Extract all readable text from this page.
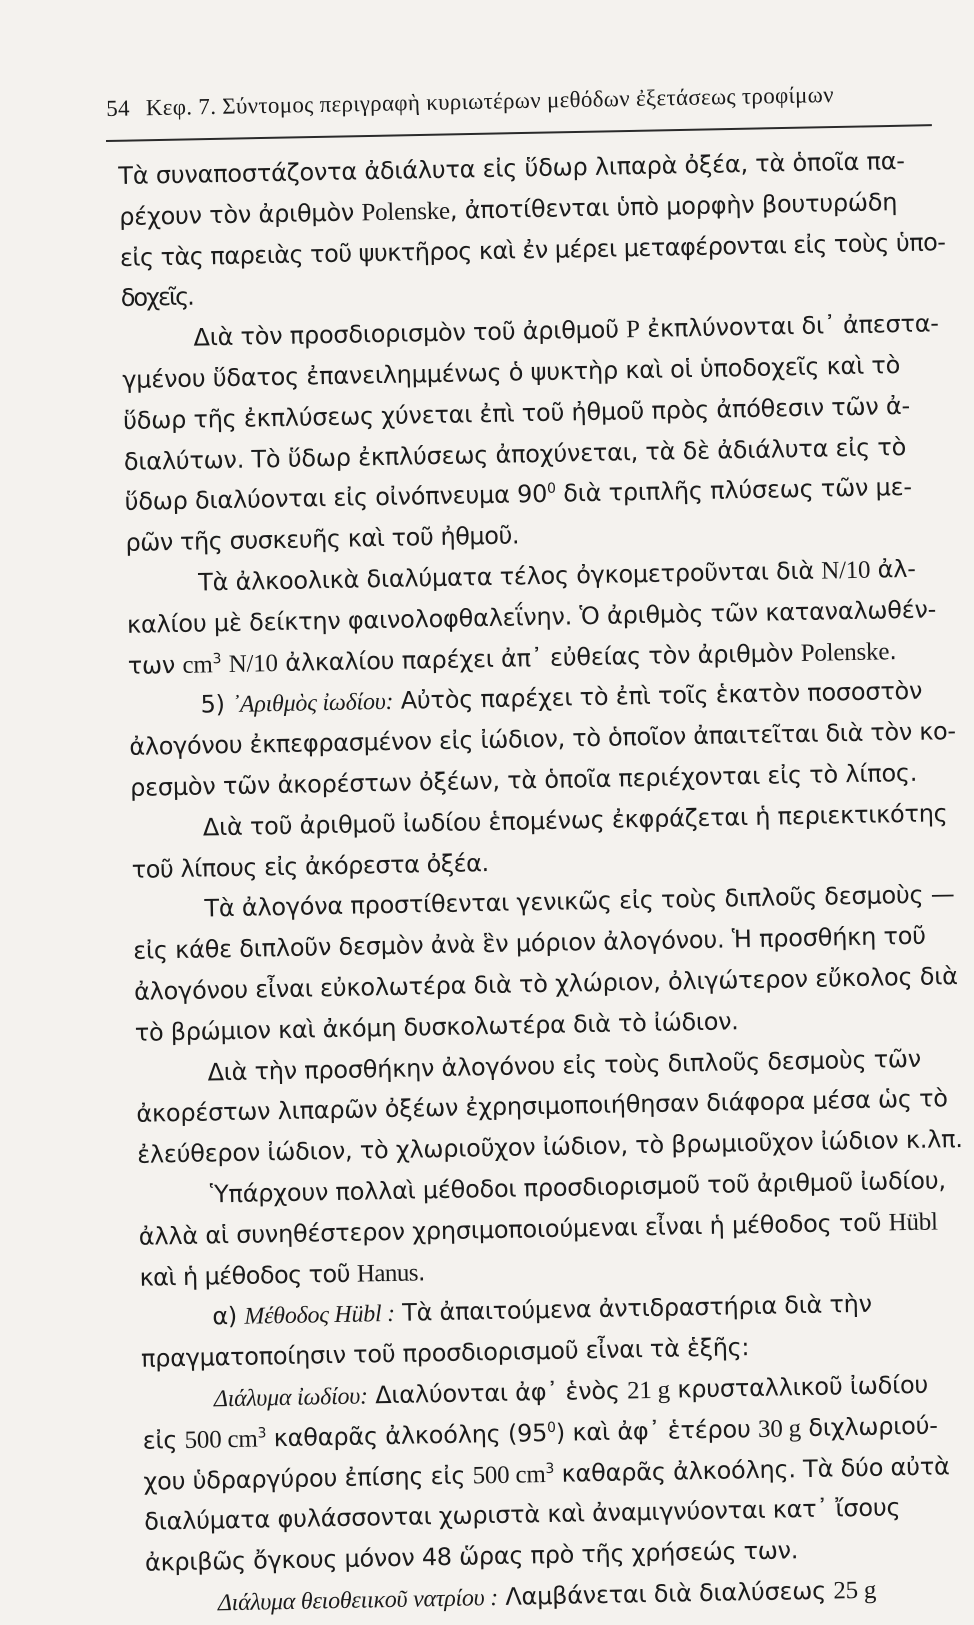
54 Κεφ. 7. Σύντομος περιγραφὴ κυριωτέρων μεθόδων ἐξετάσεως τροφίμων
Τὰ συναποστάζοντα ἀδιάλυτα εἰς ὕδωρ λιπαρὰ ὀξέα, τὰ ὁποῖα πα-
ρέχουν τὸν ἀριθμὸν Polenske, ἀποτίθενται ὑπὸ μορφὴν βουτυρώδη
εἰς τὰς παρειὰς τοῦ ψυκτῆρος καὶ ἐν μέρει μεταφέρονται εἰς τοὺς ὑπο-
δοχεῖς.
Διὰ τὸν προσδιορισμὸν τοῦ ἀριθμοῦ P ἐκπλύνονται δι᾿ ἀπεστα-
γμένου ὕδατος ἐπανειλημμένως ὁ ψυκτὴρ καὶ οἱ ὑποδοχεῖς καὶ τὸ
ὕδωρ τῆς ἐκπλύσεως χύνεται ἐπὶ τοῦ ἠθμοῦ πρὸς ἀπόθεσιν τῶν ἀ-
διαλύτων. Τὸ ὕδωρ ἐκπλύσεως ἀποχύνεται, τὰ δὲ ἀδιάλυτα εἰς τὸ
ὕδωρ διαλύονται εἰς οἰνόπνευμα $90^0$ διὰ τριπλῆς πλύσεως τῶν με-
ρῶν τῆς συσκευῆς καὶ τοῦ ἠθμοῦ.
Τὰ ἀλκοολικὰ διαλύματα τέλος ὀγκομετροῦνται διὰ N/10 ἀλ-
καλίου μὲ δείκτην φαινολοφθαλεΐνην. Ὁ ἀριθμὸς τῶν καταναλωθέν-
των $cm^3$ N/10 ἀλκαλίου παρέχει ἀπ᾿ εὐθείας τὸν ἀριθμὸν Polenske.
5) ᾿Αριθμὸς ἰωδίου: Αὐτὸς παρέχει τὸ ἐπὶ τοῖς ἑκατὸν ποσοστὸν
ἀλογόνου ἐκπεφρασμένον εἰς ἰώδιον, τὸ ὁποῖον ἀπαιτεῖται διὰ τὸν κο-
ρεσμὸν τῶν ἀκορέστων ὀξέων, τὰ ὁποῖα περιέχονται εἰς τὸ λίπος.
Διὰ τοῦ ἀριθμοῦ ἰωδίου ἑπομένως ἐκφράζεται ἡ περιεκτικότης
τοῦ λίπους εἰς ἀκόρεστα ὀξέα.
Τὰ ἀλογόνα προστίθενται γενικῶς εἰς τοὺς διπλοῦς δεσμοὺς —
εἰς κάθε διπλοῦν δεσμὸν ἀνὰ ἓν μόριον ἀλογόνου. Ἡ προσθήκη τοῦ
ἀλογόνου εἶναι εὐκολωτέρα διὰ τὸ χλώριον, ὀλιγώτερον εὔκολος διὰ
τὸ βρώμιον καὶ ἀκόμη δυσκολωτέρα διὰ τὸ ἰώδιον.
Διὰ τὴν προσθήκην ἀλογόνου εἰς τοὺς διπλοῦς δεσμοὺς τῶν
ἀκορέστων λιπαρῶν ὀξέων ἐχρησιμοποιήθησαν διάφορα μέσα ὡς τὸ
ἐλεύθερον ἰώδιον, τὸ χλωριοῦχον ἰώδιον, τὸ βρωμιοῦχον ἰώδιον κ.λπ.
Ὑπάρχουν πολλαὶ μέθοδοι προσδιορισμοῦ τοῦ ἀριθμοῦ ἰωδίου,
ἀλλὰ αἱ συνηθέστερον χρησιμοποιούμεναι εἶναι ἡ μέθοδος τοῦ Hübl
καὶ ἡ μέθοδος τοῦ Hanus.
α) Μέθοδος Hübl : Τὰ ἀπαιτούμενα ἀντιδραστήρια διὰ τὴν
πραγματοποίησιν τοῦ προσδιορισμοῦ εἶναι τὰ ἑξῆς:
Διάλυμα ἰωδίου: Διαλύονται ἀφ᾿ ἑνὸς 21 g κρυσταλλικοῦ ἰωδίου
εἰς 500 $cm^3$ καθαρᾶς ἀλκοόλης $(95^0)$ καὶ ἀφ᾿ ἑτέρου 30 g διχλωριού-
χου ὑδραργύρου ἐπίσης εἰς 500 $cm^3$ καθαρᾶς ἀλκοόλης. Τὰ δύο αὐτὰ
διαλύματα φυλάσσονται χωριστὰ καὶ ἀναμιγνύονται κατ᾿ ἴσους
ἀκριβῶς ὄγκους μόνον 48 ὥρας πρὸ τῆς χρήσεώς των.
Διάλυμα θειοθειικοῦ νατρίου : Λαμβάνεται διὰ διαλύσεως 25 g
